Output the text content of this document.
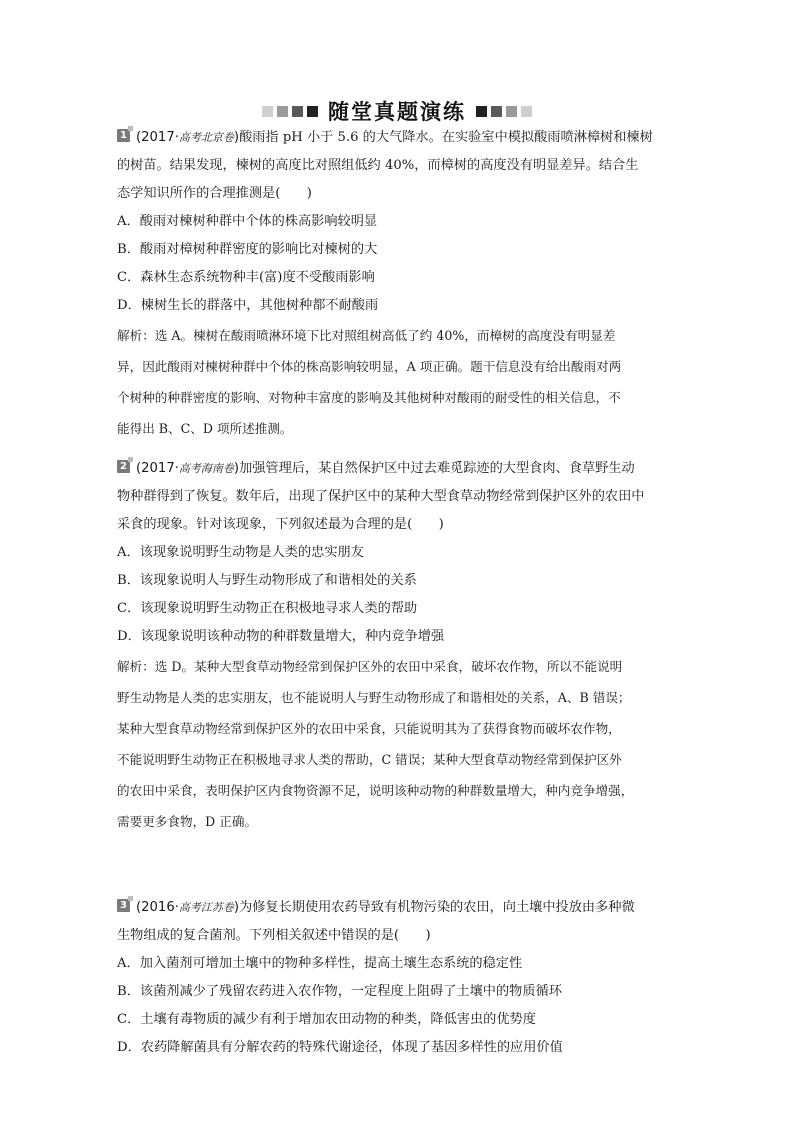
随堂真题演练
1 (2017·高考北京卷)酸雨指 pH 小于 5.6 的大气降水。在实验室中模拟酸雨喷淋樟树和楝树
的树苗。结果发现，楝树的高度比对照组低约 40%，而樟树的高度没有明显差异。结合生
态学知识所作的合理推测是(　　)
A．酸雨对楝树种群中个体的株高影响较明显
B．酸雨对樟树种群密度的影响比对楝树的大
C．森林生态系统物种丰(富)度不受酸雨影响
D．楝树生长的群落中，其他树种都不耐酸雨
解析：选 A。楝树在酸雨喷淋环境下比对照组树高低了约 40%，而樟树的高度没有明显差
异，因此酸雨对楝树种群中个体的株高影响较明显，A 项正确。题干信息没有给出酸雨对两
个树种的种群密度的影响、对物种丰富度的影响及其他树种对酸雨的耐受性的相关信息，不
能得出 B、C、D 项所述推测。
2 (2017·高考海南卷)加强管理后，某自然保护区中过去难觅踪迹的大型食肉、食草野生动
物种群得到了恢复。数年后，出现了保护区中的某种大型食草动物经常到保护区外的农田中
采食的现象。针对该现象，下列叙述最为合理的是(　　)
A．该现象说明野生动物是人类的忠实朋友
B．该现象说明人与野生动物形成了和谐相处的关系
C．该现象说明野生动物正在积极地寻求人类的帮助
D．该现象说明该种动物的种群数量增大，种内竞争增强
解析：选 D。某种大型食草动物经常到保护区外的农田中采食，破坏农作物，所以不能说明
野生动物是人类的忠实朋友，也不能说明人与野生动物形成了和谐相处的关系，A、B 错误；
某种大型食草动物经常到保护区外的农田中采食，只能说明其为了获得食物而破坏农作物，
不能说明野生动物正在积极地寻求人类的帮助，C 错误；某种大型食草动物经常到保护区外
的农田中采食，表明保护区内食物资源不足，说明该种动物的种群数量增大，种内竞争增强，
需要更多食物，D 正确。
3 (2016·高考江苏卷)为修复长期使用农药导致有机物污染的农田，向土壤中投放由多种微
生物组成的复合菌剂。下列相关叙述中错误的是(　　)
A．加入菌剂可增加土壤中的物种多样性，提高土壤生态系统的稳定性
B．该菌剂减少了残留农药进入农作物，一定程度上阻碍了土壤中的物质循环
C．土壤有毒物质的减少有利于增加农田动物的种类，降低害虫的优势度
D．农药降解菌具有分解农药的特殊代谢途径，体现了基因多样性的应用价值
